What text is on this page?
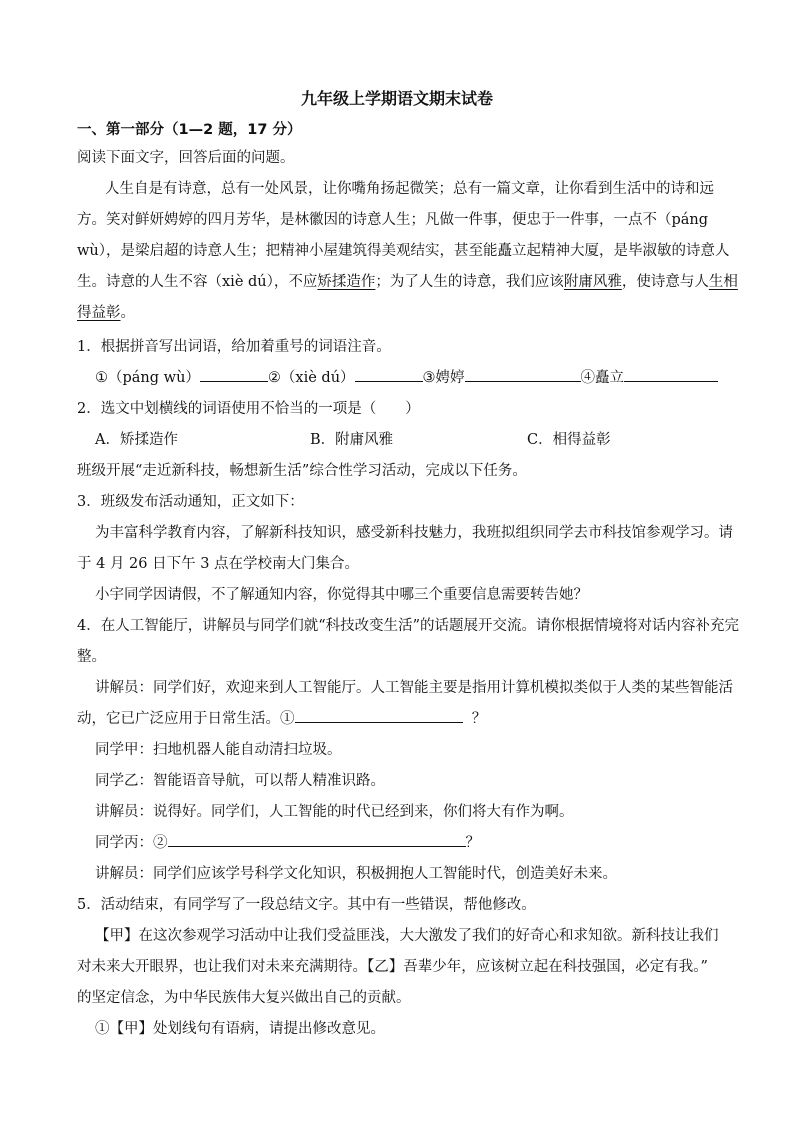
九年级上学期语文期末试卷
一、第一部分（1—2 题，17 分）
阅读下面文字，回答后面的问题。
人生自是有诗意，总有一处风景，让你嘴角扬起微笑；总有一篇文章，让你看到生活中的诗和远
方。笑对鲜妍娉婷的四月芳华，是林徽因的诗意人生；凡做一件事，便忠于一件事，一点不（páng
wù），是梁启超的诗意人生；把精神小屋建筑得美观结实，甚至能矗立起精神大厦，是毕淑敏的诗意人
生。诗意的人生不容（xiè dú），不应矫揉造作；为了人生的诗意，我们应该附庸风雅，使诗意与人生相
得益彰。
1．根据拼音写出词语，给加着重号的词语注音。
①（páng wù）	②（xiè dú）	③娉婷	④矗立
2．选文中划横线的词语使用不恰当的一项是（　　）
A．矫揉造作	B．附庸风雅	C．相得益彰
班级开展“走近新科技，畅想新生活”综合性学习活动，完成以下任务。
3．班级发布活动通知，正文如下：
为丰富科学教育内容，了解新科技知识，感受新科技魅力，我班拟组织同学去市科技馆参观学习。请
于 4 月 26 日下午 3 点在学校南大门集合。
小宇同学因请假，不了解通知内容，你觉得其中哪三个重要信息需要转告她？
4．在人工智能厅，讲解员与同学们就“科技改变生活”的话题展开交流。请你根据情境将对话内容补充完
整。
讲解员：同学们好，欢迎来到人工智能厅。人工智能主要是指用计算机模拟类似于人类的某些智能活
动，它已广泛应用于日常生活。①	？
同学甲：扫地机器人能自动清扫垃圾。
同学乙：智能语音导航，可以帮人精准识路。
讲解员：说得好。同学们，人工智能的时代已经到来，你们将大有作为啊。
同学丙：②	？
讲解员：同学们应该学号科学文化知识，积极拥抱人工智能时代，创造美好未来。
5．活动结束，有同学写了一段总结文字。其中有一些错误，帮他修改。
【甲】在这次参观学习活动中让我们受益匪浅，大大激发了我们的好奇心和求知欲。新科技让我们
对未来大开眼界，也让我们对未来充满期待。【乙】吾辈少年，应该树立起在科技强国，必定有我。”
的坚定信念，为中华民族伟大复兴做出自己的贡献。
①【甲】处划线句有语病，请提出修改意见。
